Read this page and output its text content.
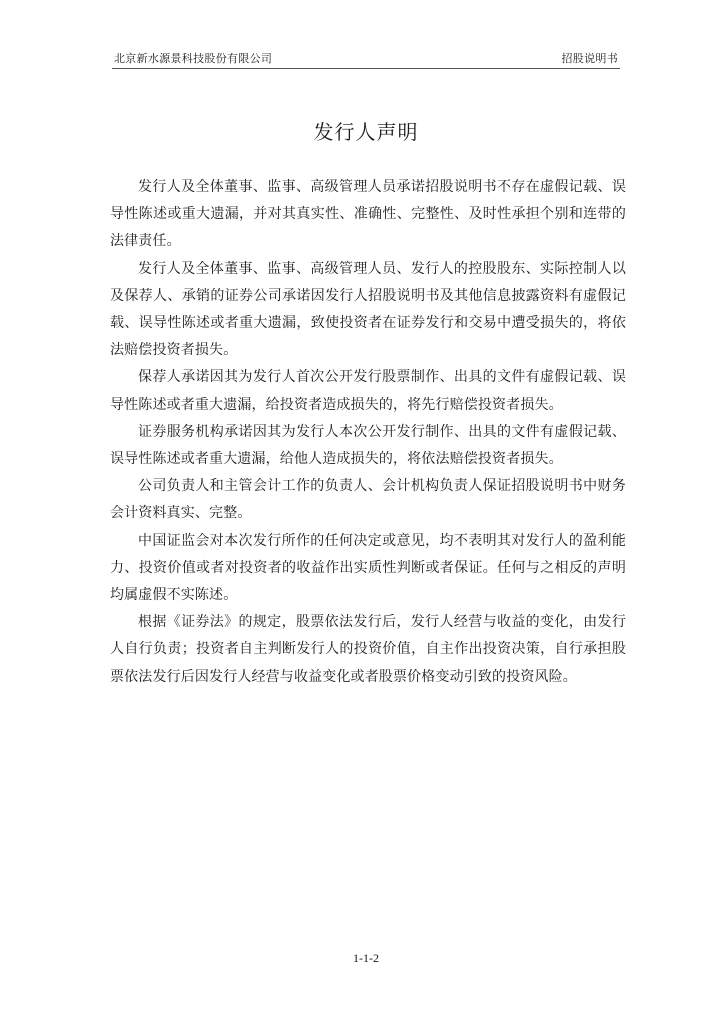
北京新水源景科技股份有限公司	招股说明书
发行人声明

发行人及全体董事、监事、高级管理人员承诺招股说明书不存在虚假记载、误导性陈述或重大遗漏，并对其真实性、准确性、完整性、及时性承担个别和连带的法律责任。

发行人及全体董事、监事、高级管理人员、发行人的控股股东、实际控制人以及保荐人、承销的证券公司承诺因发行人招股说明书及其他信息披露资料有虚假记载、误导性陈述或者重大遗漏，致使投资者在证券发行和交易中遭受损失的，将依法赔偿投资者损失。

保荐人承诺因其为发行人首次公开发行股票制作、出具的文件有虚假记载、误导性陈述或者重大遗漏，给投资者造成损失的，将先行赔偿投资者损失。

证券服务机构承诺因其为发行人本次公开发行制作、出具的文件有虚假记载、误导性陈述或者重大遗漏，给他人造成损失的，将依法赔偿投资者损失。

公司负责人和主管会计工作的负责人、会计机构负责人保证招股说明书中财务会计资料真实、完整。

中国证监会对本次发行所作的任何决定或意见，均不表明其对发行人的盈利能力、投资价值或者对投资者的收益作出实质性判断或者保证。任何与之相反的声明均属虚假不实陈述。

根据《证券法》的规定，股票依法发行后，发行人经营与收益的变化，由发行人自行负责；投资者自主判断发行人的投资价值，自主作出投资决策，自行承担股票依法发行后因发行人经营与收益变化或者股票价格变动引致的投资风险。

1-1-2
